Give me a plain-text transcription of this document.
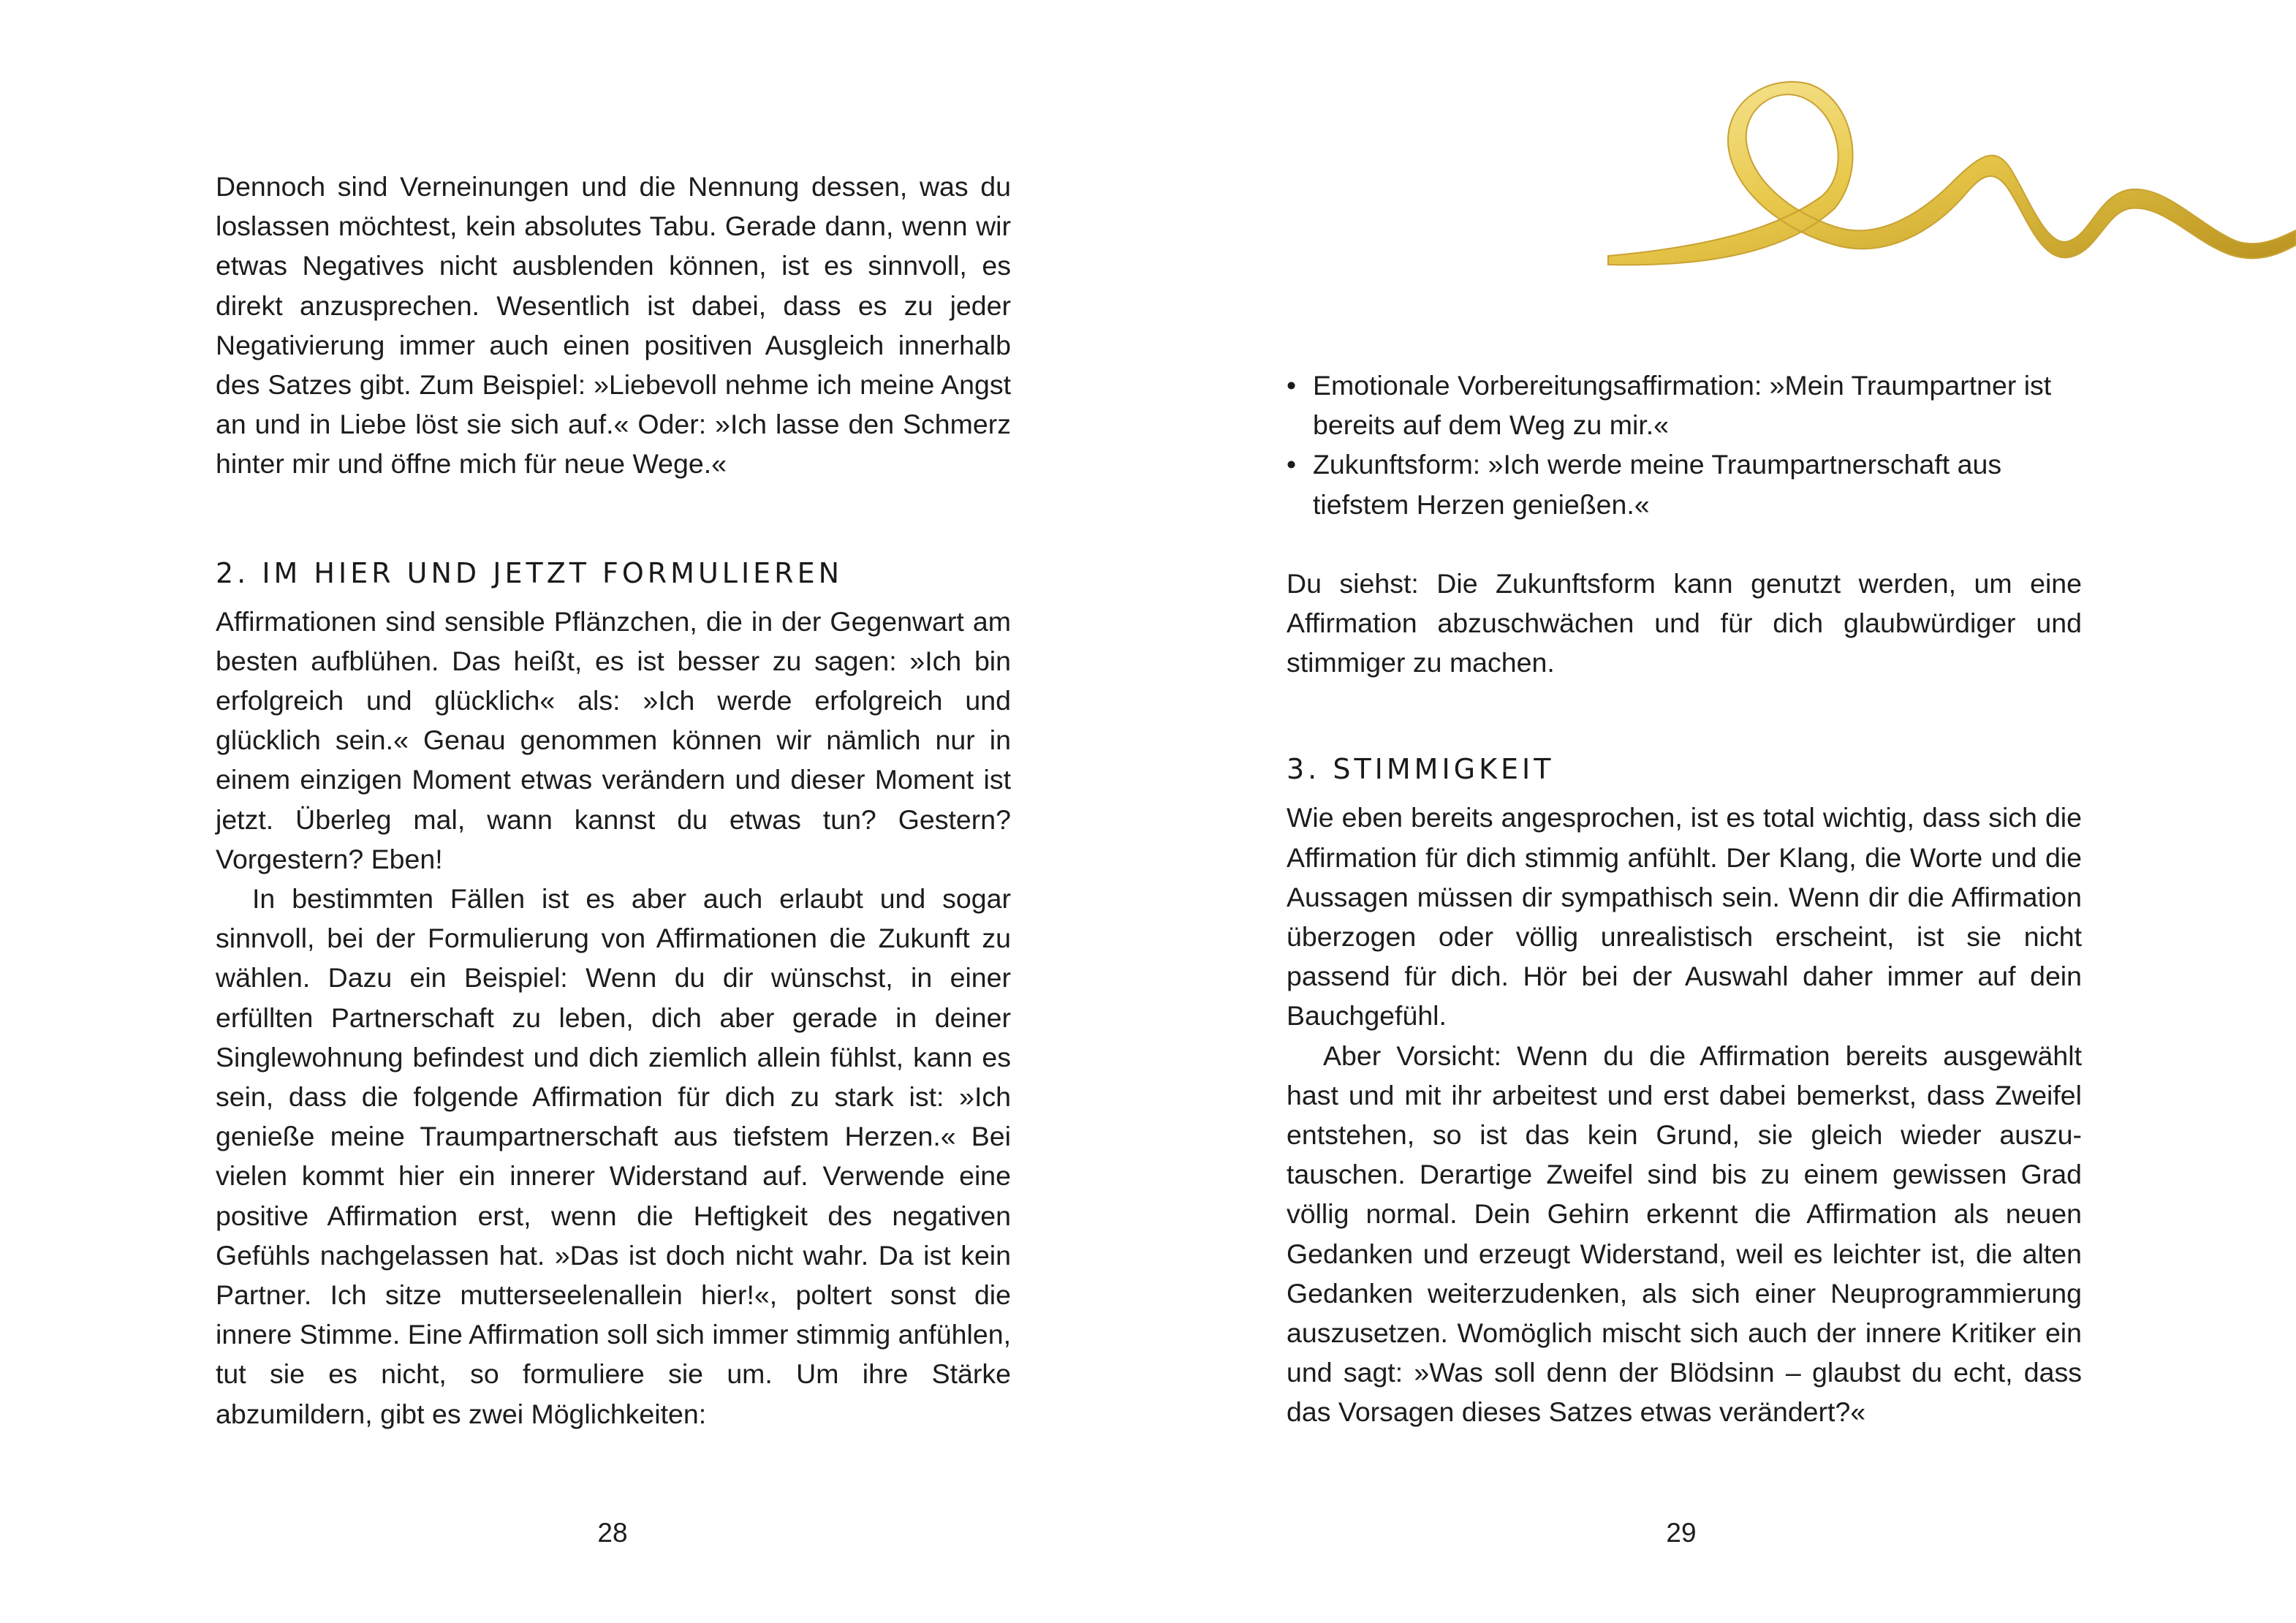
Dennoch sind Verneinungen und die Nennung dessen, was du loslassen möchtest, kein absolutes Tabu. Gerade dann, wenn wir etwas Negatives nicht ausblenden können, ist es sinnvoll, es direkt anzusprechen. Wesentlich ist dabei, dass es zu jeder Negativierung immer auch einen positiven Ausgleich innerhalb des Satzes gibt. Zum Beispiel: »Liebevoll nehme ich meine Angst an und in Liebe löst sie sich auf.« Oder: »Ich lasse den Schmerz hinter mir und öffne mich für neue Wege.«

2. IM HIER UND JETZT FORMULIEREN

Affirmationen sind sensible Pflänzchen, die in der Gegenwart am besten aufblühen. Das heißt, es ist besser zu sagen: »Ich bin erfolgreich und glücklich« als: »Ich werde erfolgreich und glücklich sein.« Genau genommen können wir nämlich nur in einem einzigen Moment etwas verändern und dieser Moment ist jetzt. Überleg mal, wann kannst du etwas tun? Gestern? Vorgestern? Eben!

In bestimmten Fällen ist es aber auch erlaubt und sogar sinnvoll, bei der Formulierung von Affirmationen die Zukunft zu wählen. Dazu ein Beispiel: Wenn du dir wünschst, in einer erfüllten Partnerschaft zu leben, dich aber gerade in deiner Singlewohnung befindest und dich ziemlich allein fühlst, kann es sein, dass die folgende Affirmation für dich zu stark ist: »Ich genieße meine Traumpartnerschaft aus tiefstem Herzen.« Bei vielen kommt hier ein innerer Widerstand auf. Verwende eine positive Affirmation erst, wenn die Heftigkeit des negativen Gefühls nachgelassen hat. »Das ist doch nicht wahr. Da ist kein Partner. Ich sitze mutterseelenallein hier!«, poltert sonst die innere Stimme. Eine Affirmation soll sich immer stimmig anfühlen, tut sie es nicht, so formuliere sie um. Um ihre Stärke abzumildern, gibt es zwei Möglichkeiten:

28
• Emotionale Vorbereitungsaffirmation: »Mein Traumpartner ist bereits auf dem Weg zu mir.«
• Zukunftsform: »Ich werde meine Traumpartnerschaft aus tiefstem Herzen genießen.«

Du siehst: Die Zukunftsform kann genutzt werden, um eine Affirmation abzuschwächen und für dich glaubwürdiger und stimmiger zu machen.

3. STIMMIGKEIT

Wie eben bereits angesprochen, ist es total wichtig, dass sich die Affirmation für dich stimmig anfühlt. Der Klang, die Worte und die Aussagen müssen dir sympathisch sein. Wenn dir die Affirmation überzogen oder völlig unrealistisch erscheint, ist sie nicht passend für dich. Hör bei der Auswahl daher immer auf dein Bauchgefühl.

Aber Vorsicht: Wenn du die Affirmation bereits ausgewählt hast und mit ihr arbeitest und erst dabei bemerkst, dass Zweifel entstehen, so ist das kein Grund, sie gleich wieder auszutauschen. Derartige Zweifel sind bis zu einem gewissen Grad völlig normal. Dein Gehirn erkennt die Affirmation als neuen Gedanken und erzeugt Widerstand, weil es leichter ist, die alten Gedanken weiterzudenken, als sich einer Neuprogrammierung auszusetzen. Womöglich mischt sich auch der innere Kritiker ein und sagt: »Was soll denn der Blödsinn – glaubst du echt, dass das Vorsagen dieses Satzes etwas verändert?«

29
